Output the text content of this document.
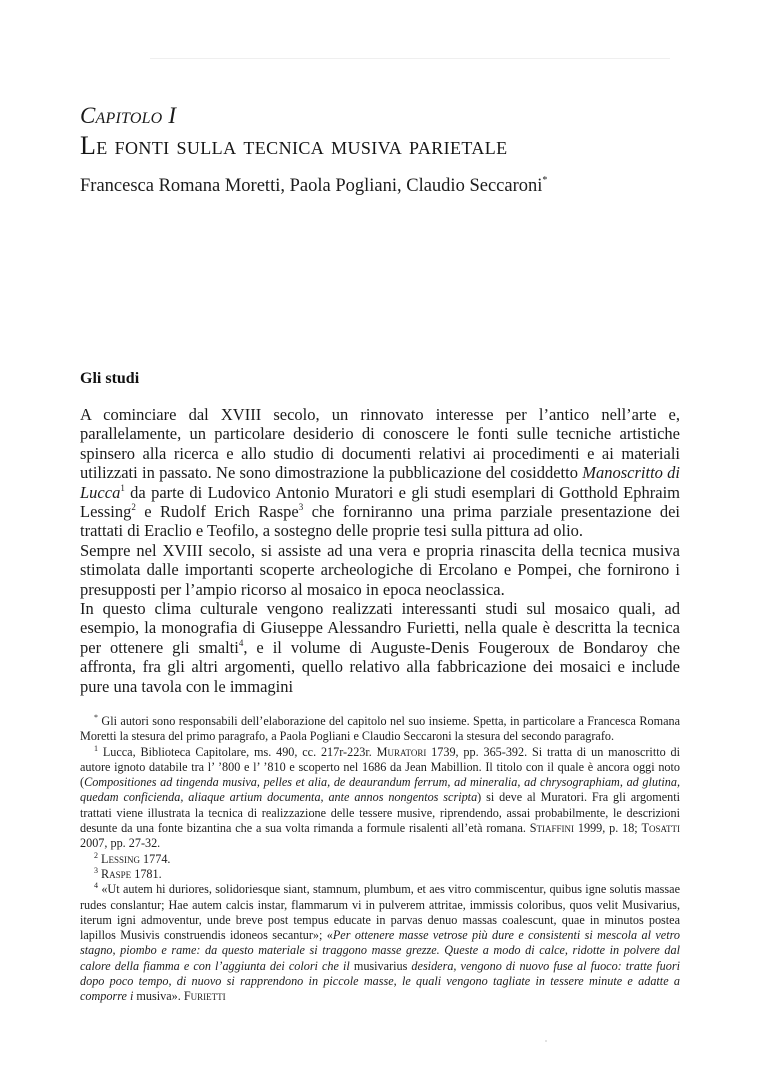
Capitolo I
Le fonti sulla tecnica musiva parietale
Francesca Romana Moretti, Paola Pogliani, Claudio Seccaroni*
Gli studi

A cominciare dal XVIII secolo, un rinnovato interesse per l’antico nell’arte e, parallelamente, un particolare desiderio di conoscere le fonti sulle tecniche artistiche spinsero alla ricerca e allo studio di documenti relativi ai procedimenti e ai materiali utilizzati in passato. Ne sono dimostrazione la pubblicazione del cosiddetto Manoscritto di Lucca$^1$ da parte di Ludovico Antonio Muratori e gli studi esemplari di Gotthold Ephraim Lessing$^2$ e Rudolf Erich Raspe$^3$ che forniranno una prima parziale presentazione dei trattati di Eraclio e Teofilo, a sostegno delle proprie tesi sulla pittura ad olio.

Sempre nel XVIII secolo, si assiste ad una vera e propria rinascita della tecnica musiva stimolata dalle importanti scoperte archeologiche di Ercolano e Pompei, che fornirono i presupposti per l’ampio ricorso al mosaico in epoca neoclassica.

In questo clima culturale vengono realizzati interessanti studi sul mosaico quali, ad esempio, la monografia di Giuseppe Alessandro Furietti, nella quale è descritta la tecnica per ottenere gli smalti$^4$, e il volume di Auguste-Denis Fougeroux de Bondaroy che affronta, fra gli altri argomenti, quello relativo alla fabbricazione dei mosaici e include pure una tavola con le immagini

* Gli autori sono responsabili dell’elaborazione del capitolo nel suo insieme. Spetta, in particolare a Francesca Romana Moretti la stesura del primo paragrafo, a Paola Pogliani e Claudio Seccaroni la stesura del secondo paragrafo.

$^1$ Lucca, Biblioteca Capitolare, ms. 490, cc. 217r-223r. Muratori 1739, pp. 365-392. Si tratta di un manoscritto di autore ignoto databile tra l’ ’800 e l’ ’810 e scoperto nel 1686 da Jean Mabillion. Il titolo con il quale è ancora oggi noto (Compositiones ad tingenda musiva, pelles et alia, de deaurandum ferrum, ad mineralia, ad chrysographiam, ad glutina, quedam conficienda, aliaque artium documenta, ante annos nongentos scripta) si deve al Muratori. Fra gli argomenti trattati viene illustrata la tecnica di realizzazione delle tessere musive, riprendendo, assai probabilmente, le descrizioni desunte da una fonte bizantina che a sua volta rimanda a formule risalenti all’età romana. Stiaffini 1999, p. 18; Tosatti 2007, pp. 27-32.

$^2$ Lessing 1774.

$^3$ Raspe 1781.

$^4$ «Ut autem hi duriores, solidoriesque siant, stamnum, plumbum, et aes vitro commiscentur, quibus igne solutis massae rudes conslantur; Hae autem calcis instar, flammarum vi in pulverem attritae, immissis coloribus, quos velit Musivarius, iterum igni admoventur, unde breve post tempus educate in parvas denuo massas coalescunt, quae in minutos postea lapillos Musivis construendis idoneos secantur»; «Per ottenere masse vetrose più dure e consistenti si mescola al vetro stagno, piombo e rame: da questo materiale si traggono masse grezze. Queste a modo di calce, ridotte in polvere dal calore della fiamma e con l’aggiunta dei colori che il musivarius desidera, vengono di nuovo fuse al fuoco: tratte fuori dopo poco tempo, di nuovo si rapprendono in piccole masse, le quali vengono tagliate in tessere minute e adatte a comporre i musiva». Furietti
